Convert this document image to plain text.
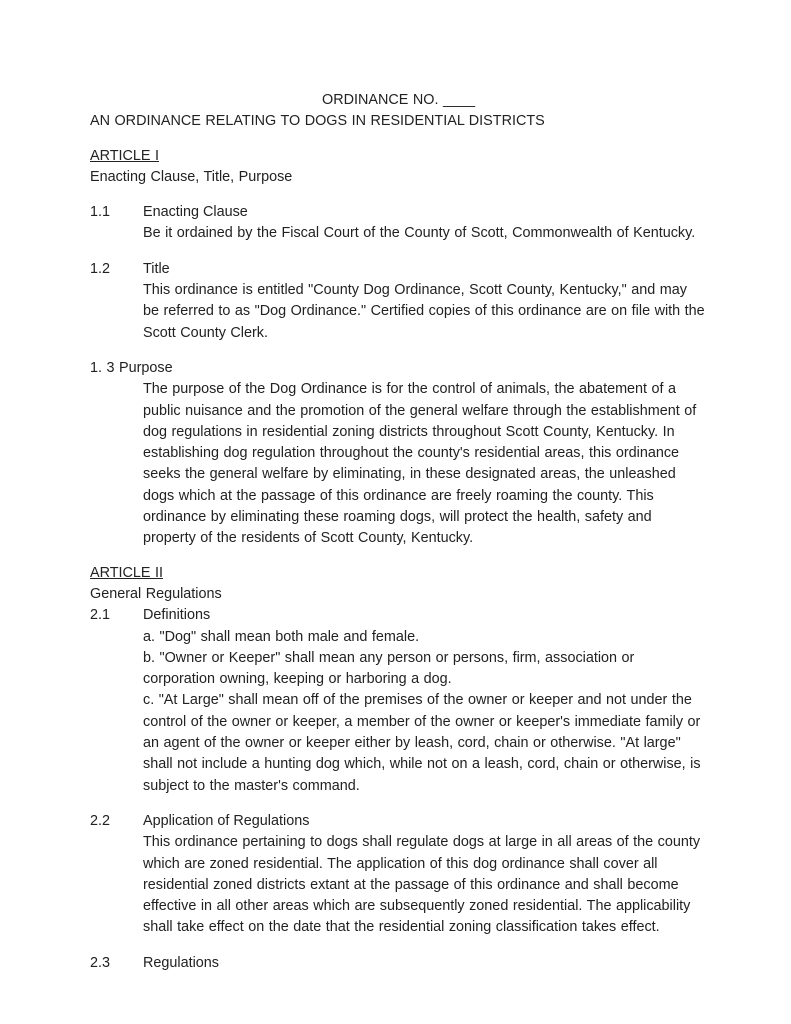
ORDINANCE NO. ____

AN ORDINANCE RELATING TO DOGS IN RESIDENTIAL DISTRICTS

ARTICLE I

Enacting Clause, Title, Purpose

1.1	Enacting Clause

Be it ordained by the Fiscal Court of the County of Scott, Commonwealth of Kentucky.

1.2	Title

This ordinance is entitled "County Dog Ordinance, Scott County, Kentucky," and may be referred to as "Dog Ordinance." Certified copies of this ordinance are on file with the Scott County Clerk.

1. 3 Purpose

The purpose of the Dog Ordinance is for the control of animals, the abatement of a public nuisance and the promotion of the general welfare through the establishment of dog regulations in residential zoning districts throughout Scott County, Kentucky. In establishing dog regulation throughout the county's residential areas, this ordinance seeks the general welfare by eliminating, in these designated areas, the unleashed dogs which at the passage of this ordinance are freely roaming the county. This ordinance by eliminating these roaming dogs, will protect the health, safety and property of the residents of Scott County, Kentucky.

ARTICLE II

General Regulations

2.1	Definitions

a. "Dog" shall mean both male and female.

b. "Owner or Keeper" shall mean any person or persons, firm, association or corporation owning, keeping or harboring a dog.

c. "At Large" shall mean off of the premises of the owner or keeper and not under the control of the owner or keeper, a member of the owner or keeper's immediate family or an agent of the owner or keeper either by leash, cord, chain or otherwise. "At large" shall not include a hunting dog which, while not on a leash, cord, chain or otherwise, is subject to the master's command.

2.2	Application of Regulations

This ordinance pertaining to dogs shall regulate dogs at large in all areas of the county which are zoned residential. The application of this dog ordinance shall cover all residential zoned districts extant at the passage of this ordinance and shall become effective in all other areas which are subsequently zoned residential. The applicability shall take effect on the date that the residential zoning classification takes effect.

2.3	Regulations
